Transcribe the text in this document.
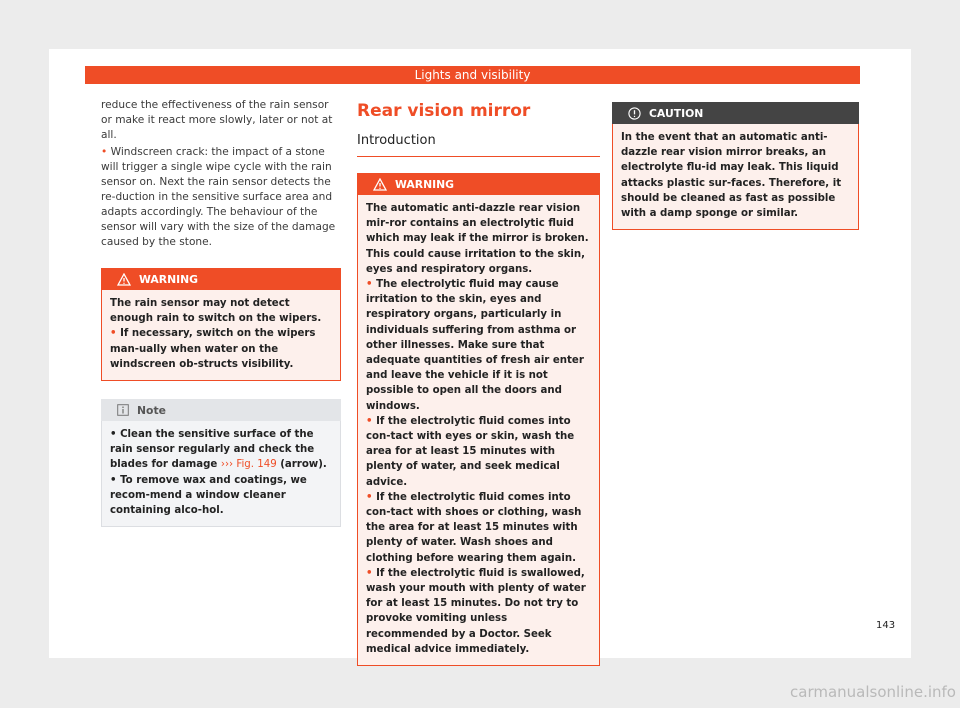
Lights and visibility

reduce the effectiveness of the rain sensor or make it react more slowly, later or not at all.

• Windscreen crack: the impact of a stone will trigger a single wipe cycle with the rain sensor on. Next the rain sensor detects the re-duction in the sensitive surface area and adapts accordingly. The behaviour of the sensor will vary with the size of the damage caused by the stone.

WARNING

The rain sensor may not detect enough rain to switch on the wipers.

• If necessary, switch on the wipers man-ually when water on the windscreen ob-structs visibility.

Note

• Clean the sensitive surface of the rain sensor regularly and check the blades for damage ››› Fig. 149 (arrow).

• To remove wax and coatings, we recom-mend a window cleaner containing alco-hol.

Rear vision mirror
Introduction
WARNING

The automatic anti-dazzle rear vision mir-ror contains an electrolytic fluid which may leak if the mirror is broken. This could cause irritation to the skin, eyes and respiratory organs.

• The electrolytic fluid may cause irritation to the skin, eyes and respiratory organs, particularly in individuals suffering from asthma or other illnesses. Make sure that adequate quantities of fresh air enter and leave the vehicle if it is not possible to open all the doors and windows.

• If the electrolytic fluid comes into con-tact with eyes or skin, wash the area for at least 15 minutes with plenty of water, and seek medical advice.

• If the electrolytic fluid comes into con-tact with shoes or clothing, wash the area for at least 15 minutes with plenty of water. Wash shoes and clothing before wearing them again.

• If the electrolytic fluid is swallowed, wash your mouth with plenty of water for at least 15 minutes. Do not try to provoke vomiting unless recommended by a Doctor. Seek medical advice immediately.

CAUTION

In the event that an automatic anti-dazzle rear vision mirror breaks, an electrolyte flu-id may leak. This liquid attacks plastic sur-faces. Therefore, it should be cleaned as fast as possible with a damp sponge or similar.

143
carmanualsonline.info
